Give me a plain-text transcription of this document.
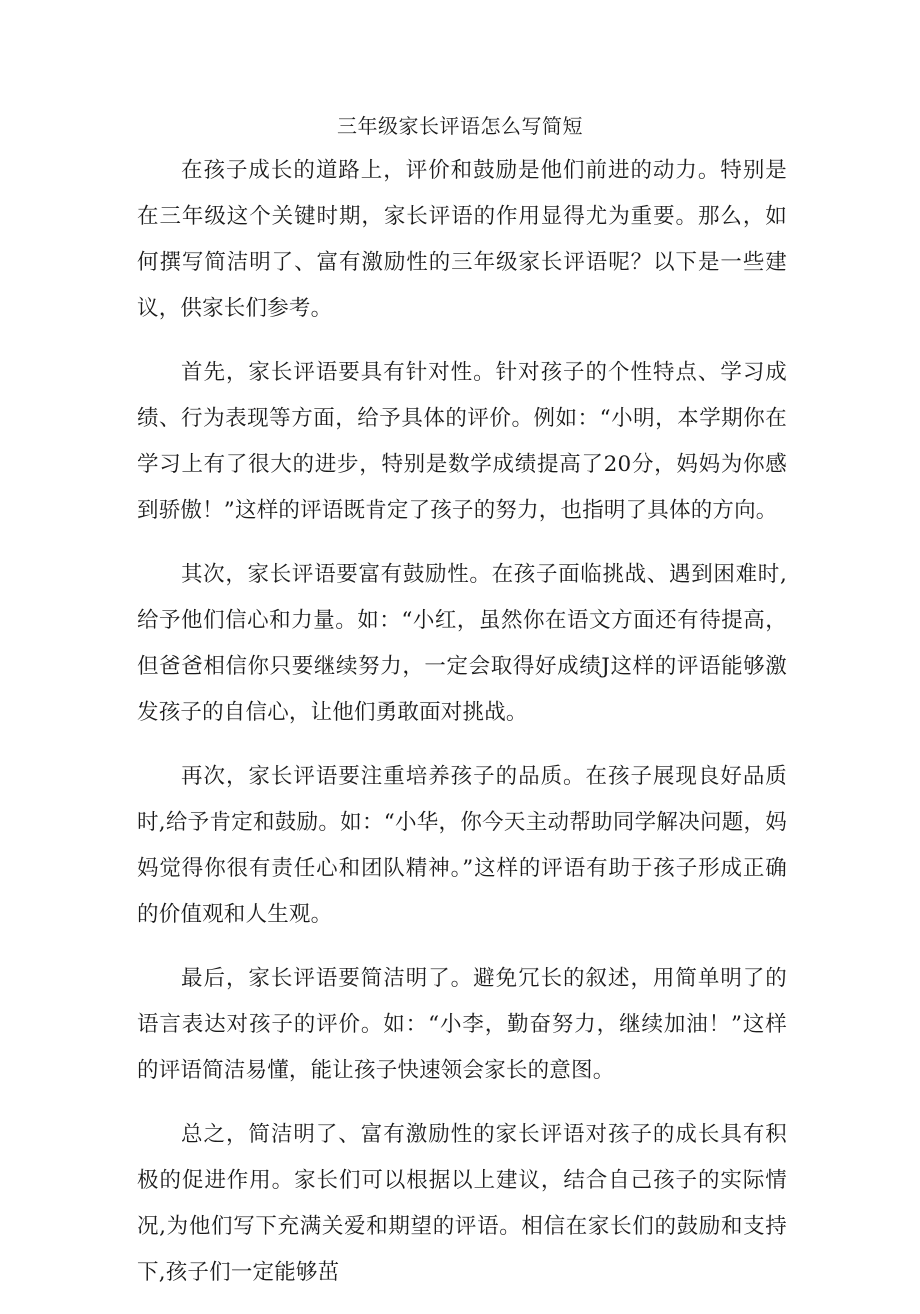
三年级家长评语怎么写简短

在孩子成长的道路上，评价和鼓励是他们前进的动力。特别是在三年级这个关键时期，家长评语的作用显得尤为重要。那么，如何撰写简洁明了、富有激励性的三年级家长评语呢？以下是一些建议，供家长们参考。

首先，家长评语要具有针对性。针对孩子的个性特点、学习成绩、行为表现等方面，给予具体的评价。例如：“小明，本学期你在学习上有了很大的进步，特别是数学成绩提高了20分，妈妈为你感到骄傲！”这样的评语既肯定了孩子的努力，也指明了具体的方向。

其次，家长评语要富有鼓励性。在孩子面临挑战、遇到困难时,给予他们信心和力量。如：“小红，虽然你在语文方面还有待提高，但爸爸相信你只要继续努力，一定会取得好成绩J这样的评语能够激发孩子的自信心，让他们勇敢面对挑战。

再次，家长评语要注重培养孩子的品质。在孩子展现良好品质时,给予肯定和鼓励。如：“小华，你今天主动帮助同学解决问题，妈妈觉得你很有责任心和团队精神。”这样的评语有助于孩子形成正确的价值观和人生观。

最后，家长评语要简洁明了。避免冗长的叙述，用简单明了的语言表达对孩子的评价。如：“小李，勤奋努力，继续加油！”这样的评语简洁易懂，能让孩子快速领会家长的意图。

总之，简洁明了、富有激励性的家长评语对孩子的成长具有积极的促进作用。家长们可以根据以上建议，结合自己孩子的实际情况,为他们写下充满关爱和期望的评语。相信在家长们的鼓励和支持下,孩子们一定能够茁
